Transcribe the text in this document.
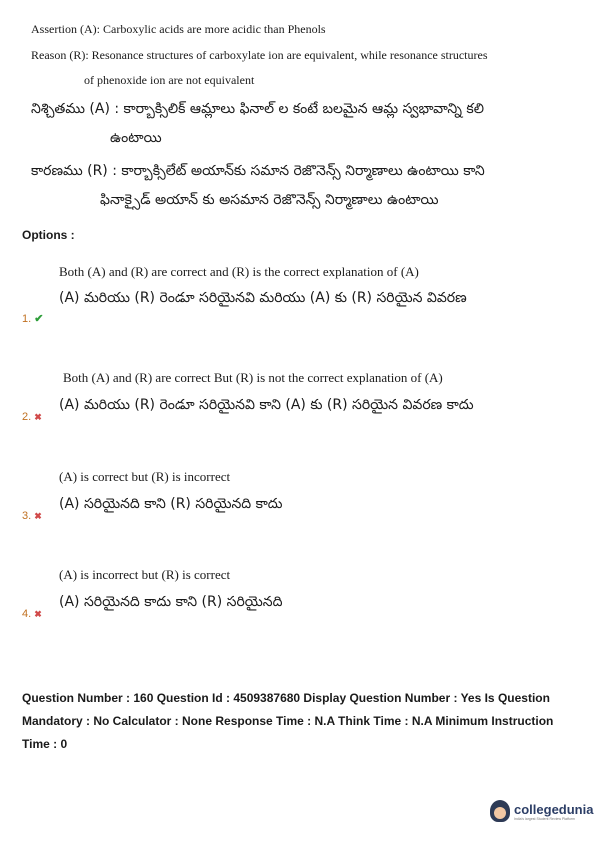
Assertion (A): Carboxylic acids are more acidic than Phenols
Reason (R): Resonance structures of carboxylate ion are equivalent, while resonance structures
of phenoxide ion are not equivalent
నిశ్చితము (A) : కార్బాక్సిలిక్ ఆమ్లాలు ఫినాల్ ల కంటే బలమైన ఆమ్ల స్వభావాన్ని కలి
ఉంటాయి
కారణము (R) : కార్బాక్సిలేట్ అయాన్‌కు సమాన రెజొనెన్స్ నిర్మాణాలు ఉంటాయి కాని
ఫినాక్సైడ్ అయాన్ కు అసమాన రెజొనెన్స్ నిర్మాణాలు ఉంటాయి
Options :
Both (A) and (R) are correct and (R) is the correct explanation of (A)
(A) మరియు (R) రెండూ సరియైనవి మరియు (A) కు (R) సరియైన వివరణ
1. ✔
Both (A) and (R) are correct But (R) is not the correct explanation of (A)
(A) మరియు (R) రెండూ సరియైనవి కాని (A) కు (R) సరియైన వివరణ కాదు
2. ✖
(A) is correct but (R) is incorrect
(A) సరియైనది కాని (R) సరియైనది కాదు
3. ✖
(A) is incorrect but (R) is correct
(A) సరియైనది కాదు కాని (R) సరియైనది
4. ✖
Question Number : 160 Question Id : 4509387680 Display Question Number : Yes Is Question Mandatory : No Calculator : None Response Time : N.A Think Time : N.A Minimum Instruction Time : 0
collegedunia
India's largest Student Review Platform
